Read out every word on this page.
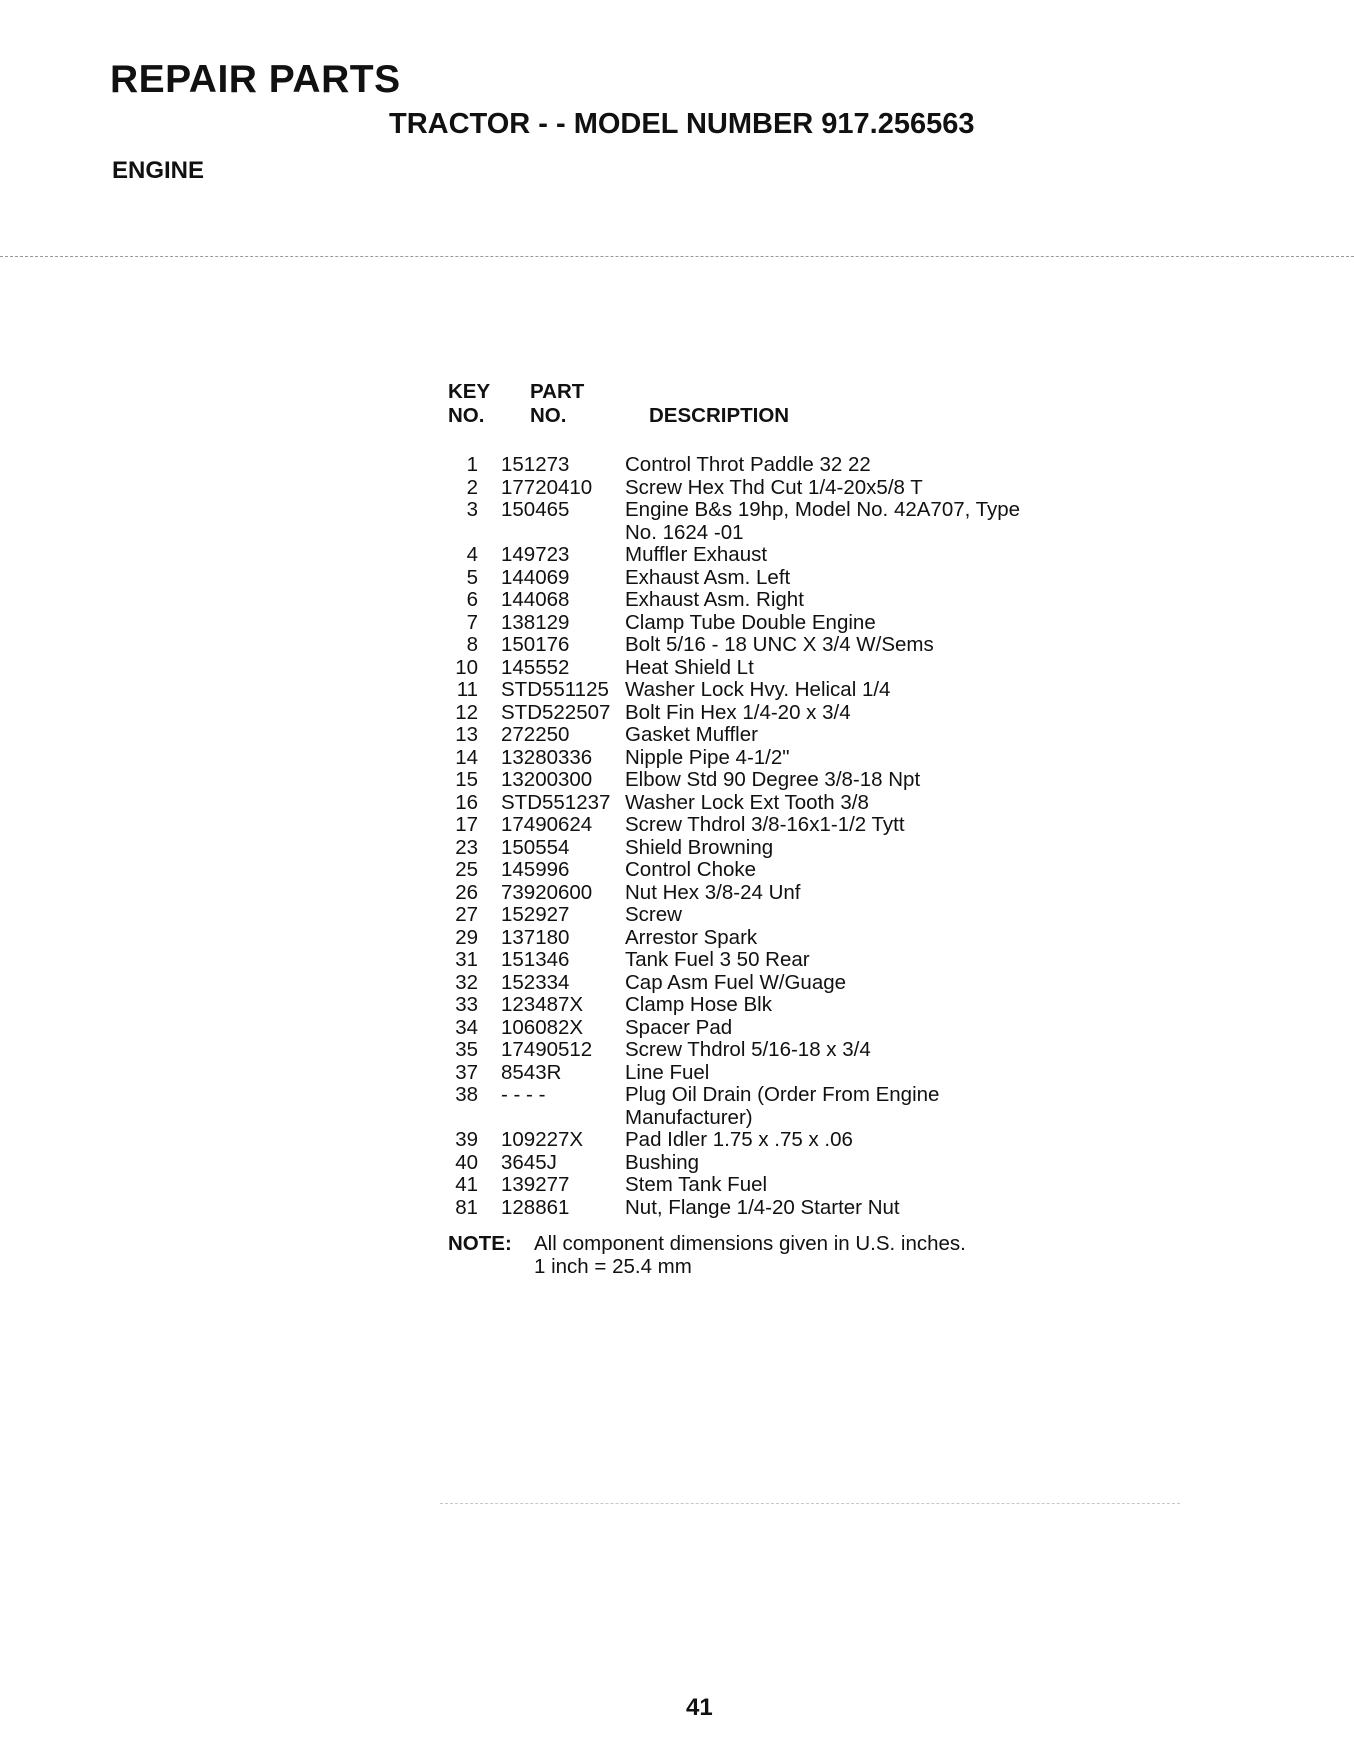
REPAIR PARTS
TRACTOR - - MODEL NUMBER 917.256563
ENGINE
KEY
NO.
PART
NO.	DESCRIPTION
1	151273	Control Throt Paddle 32 22
2	17720410	Screw Hex Thd Cut 1/4-20x5/8 T
3	150465	Engine B&s 19hp, Model No. 42A707, Type No. 1624 -01
4	149723	Muffler Exhaust
5	144069	Exhaust Asm. Left
6	144068	Exhaust Asm. Right
7	138129	Clamp Tube Double Engine
8	150176	Bolt 5/16 - 18 UNC X 3/4 W/Sems
10	145552	Heat Shield Lt
11	STD551125 Washer Lock Hvy. Helical 1/4
12	STD522507 Bolt Fin Hex 1/4-20 x 3/4
13	272250	Gasket Muffler
14	13280336	Nipple Pipe 4-1/2"
15	13200300	Elbow Std 90 Degree 3/8-18 Npt
16	STD551237 Washer Lock Ext Tooth 3/8
17	17490624	Screw Thdrol 3/8-16x1-1/2 Tytt
23	150554	Shield Browning
25	145996	Control Choke
26	73920600	Nut Hex 3/8-24 Unf
27	152927	Screw
29	137180	Arrestor Spark
31	151346	Tank Fuel 3 50 Rear
32	152334	Cap Asm Fuel W/Guage
33	123487X	Clamp Hose Blk
34	106082X	Spacer Pad
35	17490512	Screw Thdrol 5/16-18 x 3/4
37	8543R	Line Fuel
38	- - - -	Plug Oil Drain (Order From Engine Manufacturer)
39	109227X	Pad Idler 1.75 x .75 x .06
40	3645J	Bushing
41	139277	Stem Tank Fuel
81	128861	Nut, Flange 1/4-20 Starter Nut
NOTE: All component dimensions given in U.S. inches.
1 inch = 25.4 mm
41
